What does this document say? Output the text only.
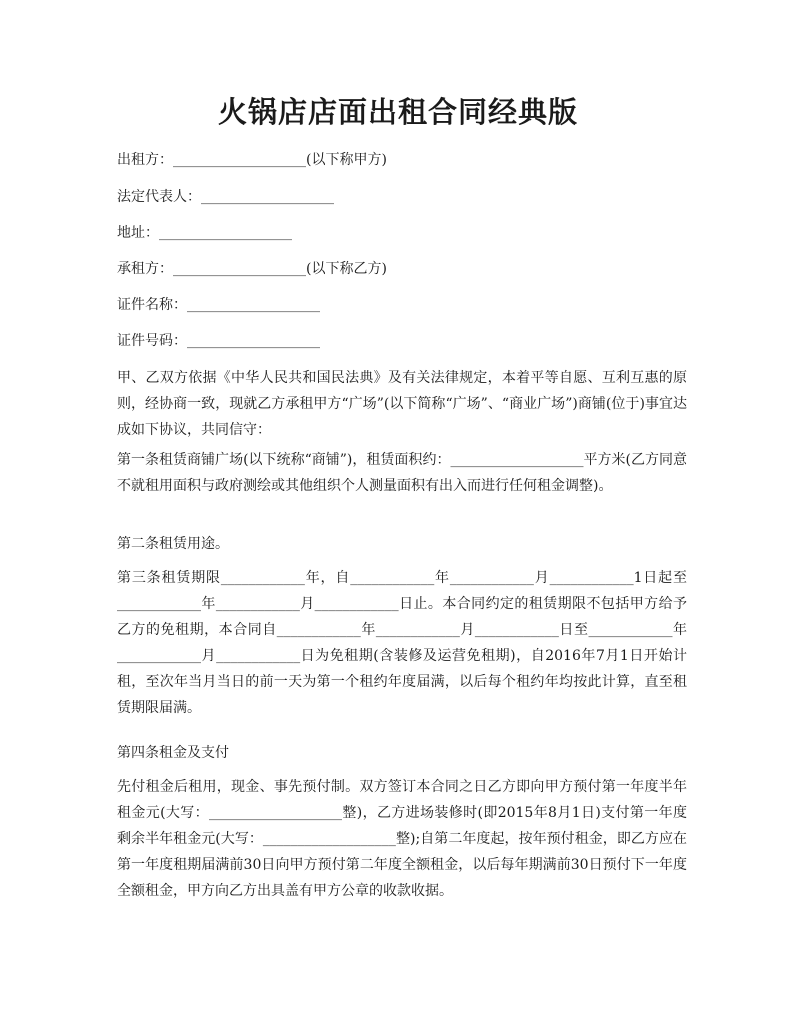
火锅店店面出租合同经典版
出租方：___________________(以下称甲方)
法定代表人：___________________
地址：___________________
承租方：___________________(以下称乙方)
证件名称：___________________
证件号码：___________________
甲、乙双方依据《中华人民共和国民法典》及有关法律规定，本着平等自愿、互利互惠的原则，经协商一致，现就乙方承租甲方“广场”(以下简称“广场”、“商业广场”)商铺(位于)事宜达成如下协议，共同信守：
第一条租赁商铺广场(以下统称“商铺”)，租赁面积约：___________________平方米(乙方同意不就租用面积与政府测绘或其他组织个人测量面积有出入而进行任何租金调整)。
第二条租赁用途。
第三条租赁期限____________年，自____________年____________月____________1日起至____________年____________月____________日止。本合同约定的租赁期限不包括甲方给予乙方的免租期，本合同自____________年____________月____________日至____________年____________月____________日为免租期(含装修及运营免租期)，自2016年7月1日开始计租，至次年当月当日的前一天为第一个租约年度届满，以后每个租约年均按此计算，直至租赁期限届满。
第四条租金及支付
先付租金后租用，现金、事先预付制。双方签订本合同之日乙方即向甲方预付第一年度半年租金元(大写：___________________整)，乙方进场装修时(即2015年8月1日)支付第一年度剩余半年租金元(大写：___________________整);自第二年度起，按年预付租金，即乙方应在第一年度租期届满前30日向甲方预付第二年度全额租金，以后每年期满前30日预付下一年度全额租金，甲方向乙方出具盖有甲方公章的收款收据。
